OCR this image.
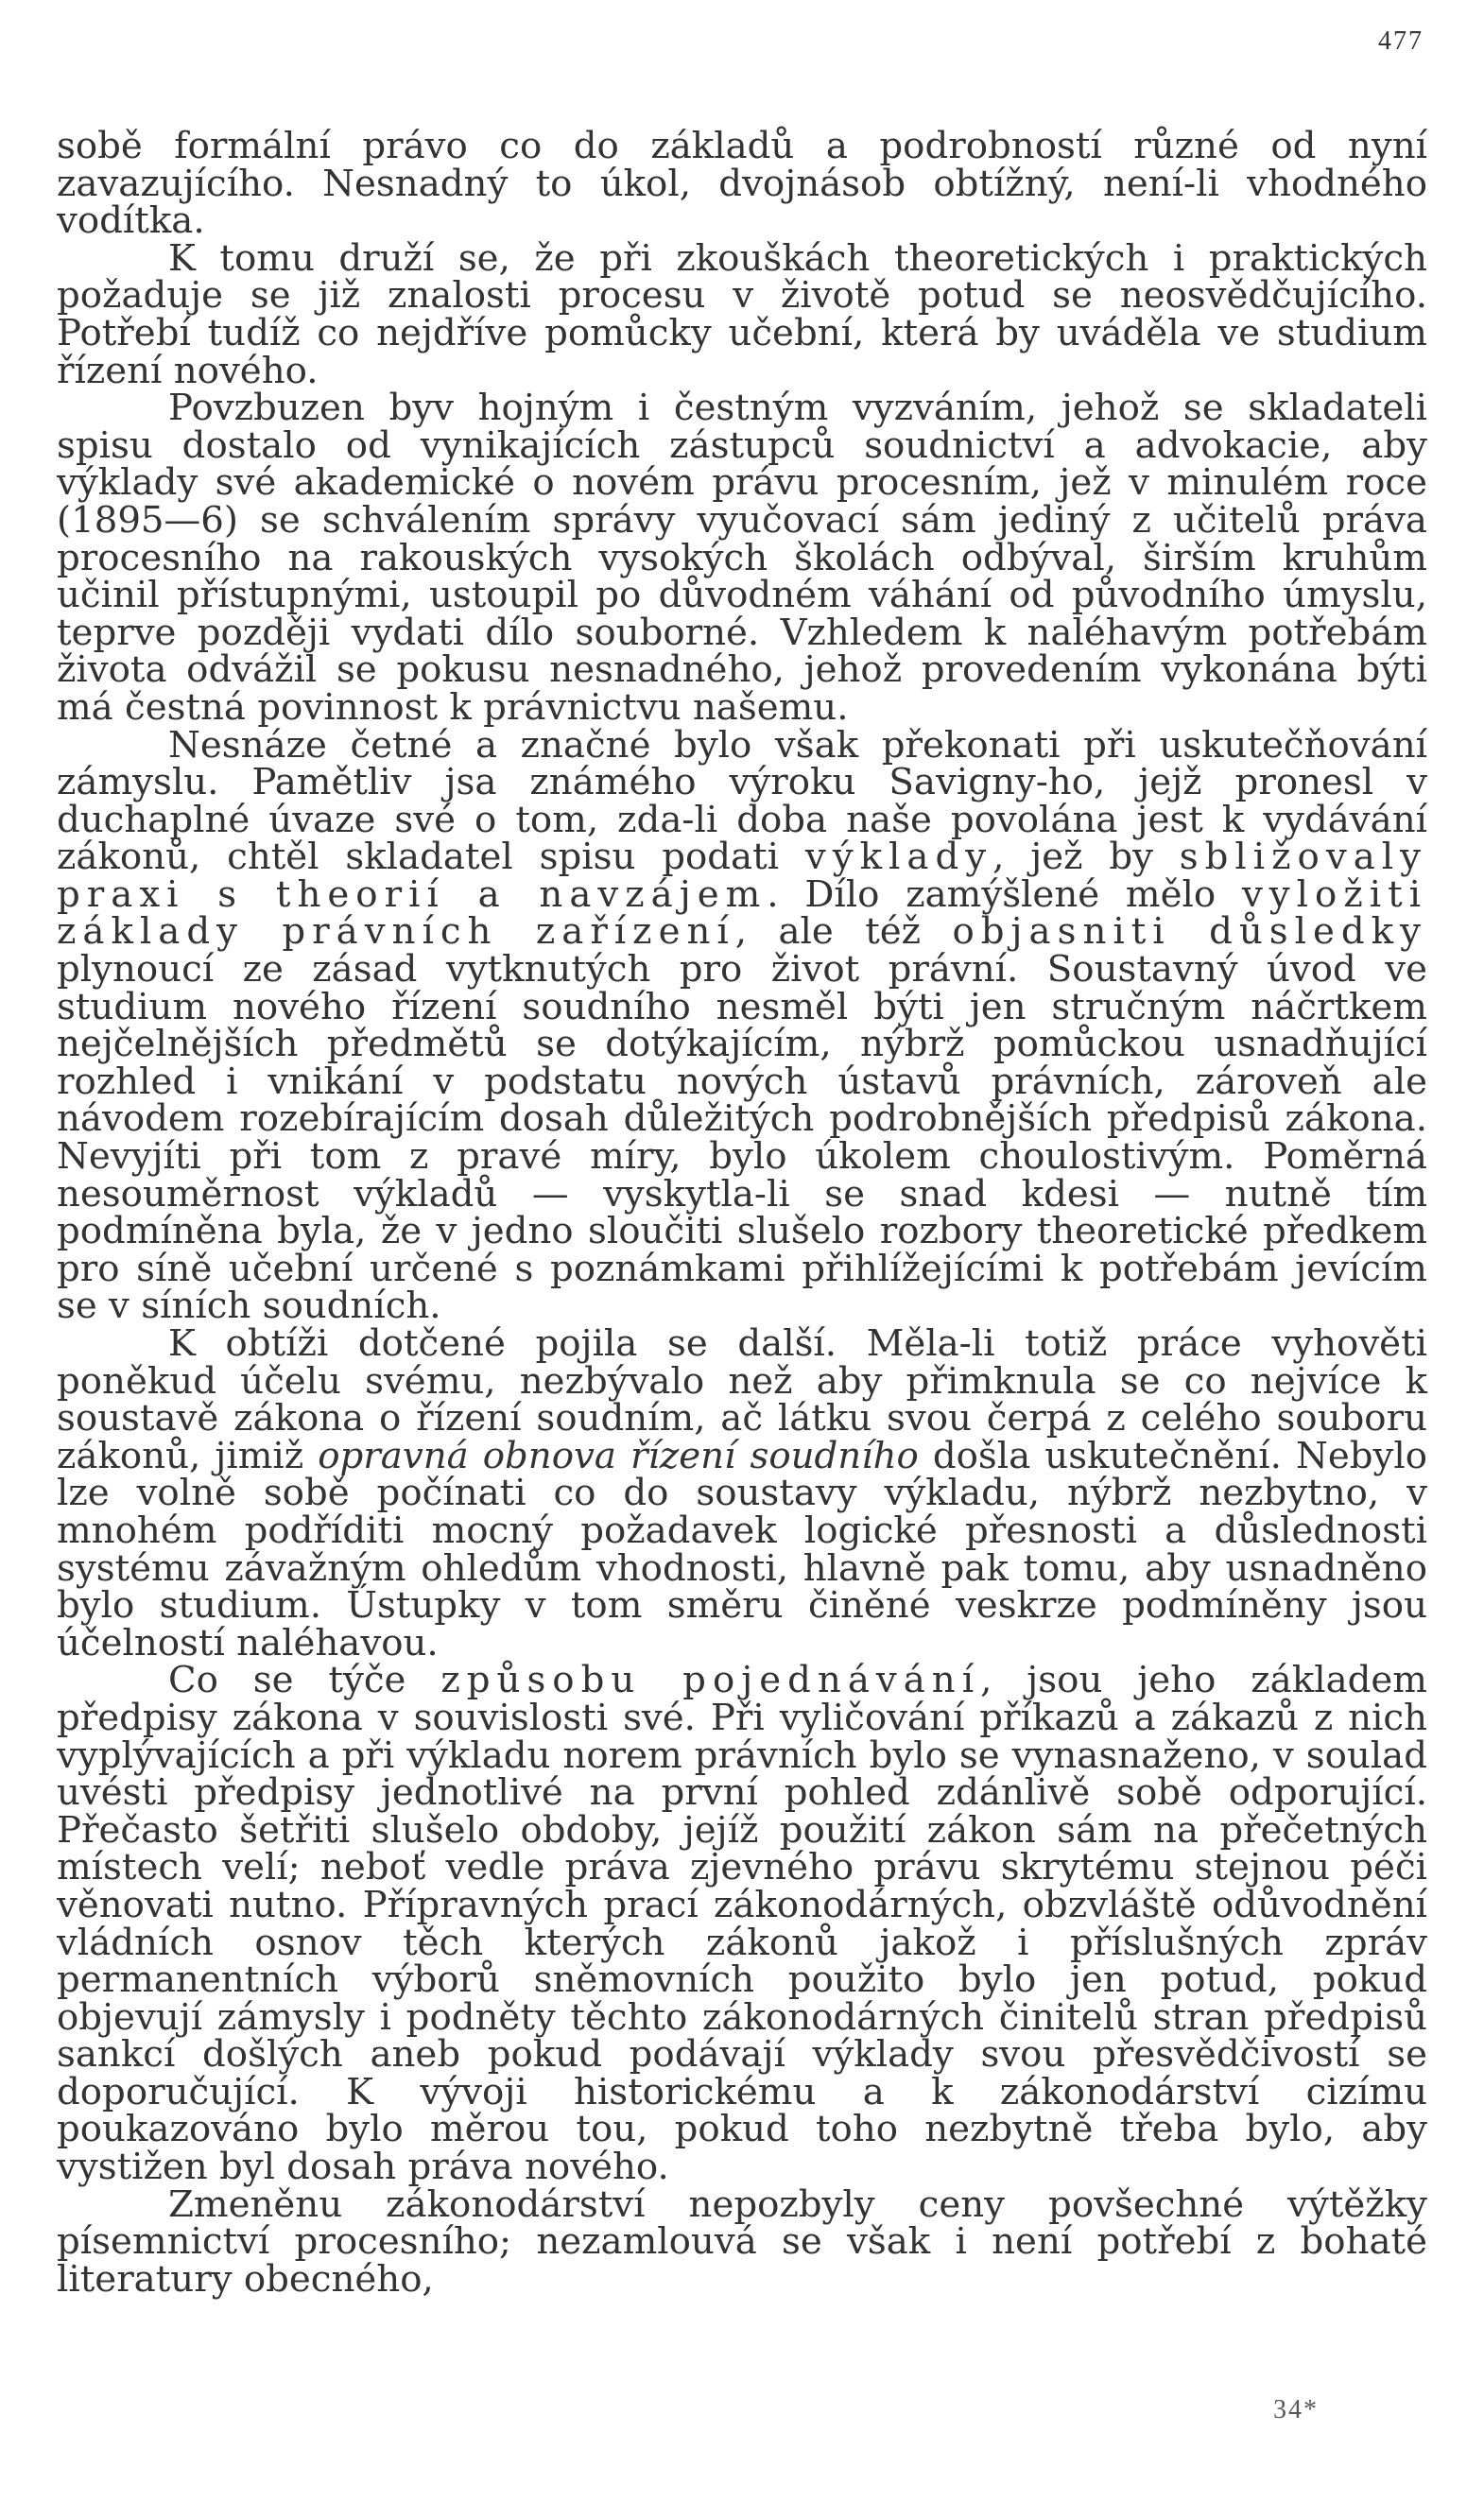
477

sobě formální právo co do základů a podrobností různé od nyní zavazujícího. Nesnadný to úkol, dvojnásob obtížný, není-li vhodného vodítka.

K tomu druží se, že při zkouškách theoretických i praktických požaduje se již znalosti procesu v životě potud se neosvědčujícího. Potřebí tudíž co nejdříve pomůcky učební, která by uváděla ve studium řízení nového.

Povzbuzen byv hojným i čestným vyzváním, jehož se skladateli spisu dostalo od vynikajících zástupců soudnictví a advokacie, aby výklady své akademické o novém právu procesním, jež v minulém roce (1895—6) se schválením správy vyučovací sám jediný z učitelů práva procesního na rakouských vysokých školách odbýval, širším kruhům učinil přístupnými, ustoupil po důvodném váhání od původního úmyslu, teprve později vydati dílo souborné. Vzhledem k naléhavým potřebám života odvážil se pokusu nesnadného, jehož provedením vykonána býti má čestná povinnost k právnictvu našemu.

Nesnáze četné a značné bylo však překonati při uskutečňování zámyslu. Pamětliv jsa známého výroku Savigny-ho, jejž pronesl v duchaplné úvaze své o tom, zda-li doba naše povolána jest k vydávání zákonů, chtěl skladatel spisu podati výklady, jež by sbližovaly praxi s theorií a navzájem. Dílo zamýšlené mělo vyložiti základy právních zařízení, ale též objasniti důsledky plynoucí ze zásad vytknutých pro život právní. Soustavný úvod ve studium nového řízení soudního nesměl býti jen stručným náčrtkem nejčelnějších předmětů se dotýkajícím, nýbrž pomůckou usnadňující rozhled i vnikání v podstatu nových ústavů právních, zároveň ale návodem rozebírajícím dosah důležitých podrobnějších předpisů zákona. Nevyjíti při tom z pravé míry, bylo úkolem choulostivým. Poměrná nesouměrnost výkladů — vyskytla-li se snad kdesi — nutně tím podmíněna byla, že v jedno sloučiti slušelo rozbory theoretické předkem pro síně učební určené s poznámkami přihlížejícími k potřebám jevícím se v síních soudních.

K obtíži dotčené pojila se další. Měla-li totiž práce vyhověti poněkud účelu svému, nezbývalo než aby přimknula se co nejvíce k soustavě zákona o řízení soudním, ač látku svou čerpá z celého souboru zákonů, jimiž opravná obnova řízení soudního došla uskutečnění. Nebylo lze volně sobě počínati co do soustavy výkladu, nýbrž nezbytno, v mnohém podříditi mocný požadavek logické přesnosti a důslednosti systému závažným ohledům vhodnosti, hlavně pak tomu, aby usnadněno bylo studium. Ústupky v tom směru činěné veskrze podmíněny jsou účelností naléhavou.

Co se týče způsobu pojednávání, jsou jeho základem předpisy zákona v souvislosti své. Při vyličování příkazů a zákazů z nich vyplývajících a při výkladu norem právních bylo se vynasnaženo, v soulad uvésti předpisy jednotlivé na první pohled zdánlivě sobě odporující. Přečasto šetřiti slušelo obdoby, jejíž použití zákon sám na přečetných místech velí; neboť vedle práva zjevného právu skrytému stejnou péči věnovati nutno. Přípravných prací zákonodárných, obzvláště odůvodnění vládních osnov těch kterých zákonů jakož i příslušných zpráv permanentních výborů sněmovních použito bylo jen potud, pokud objevují zámysly i podněty těchto zákonodárných činitelů stran předpisů sankcí došlých aneb pokud podávají výklady svou přesvědčivostí se doporučující. K vývoji historickému a k zákonodárství cizímu poukazováno bylo měrou tou, pokud toho nezbytně třeba bylo, aby vystižen byl dosah práva nového.

Zmeněnu zákonodárství nepozbyly ceny povšechné výtěžky písemnictví procesního; nezamlouvá se však i není potřebí z bohaté literatury obecného,

34*
